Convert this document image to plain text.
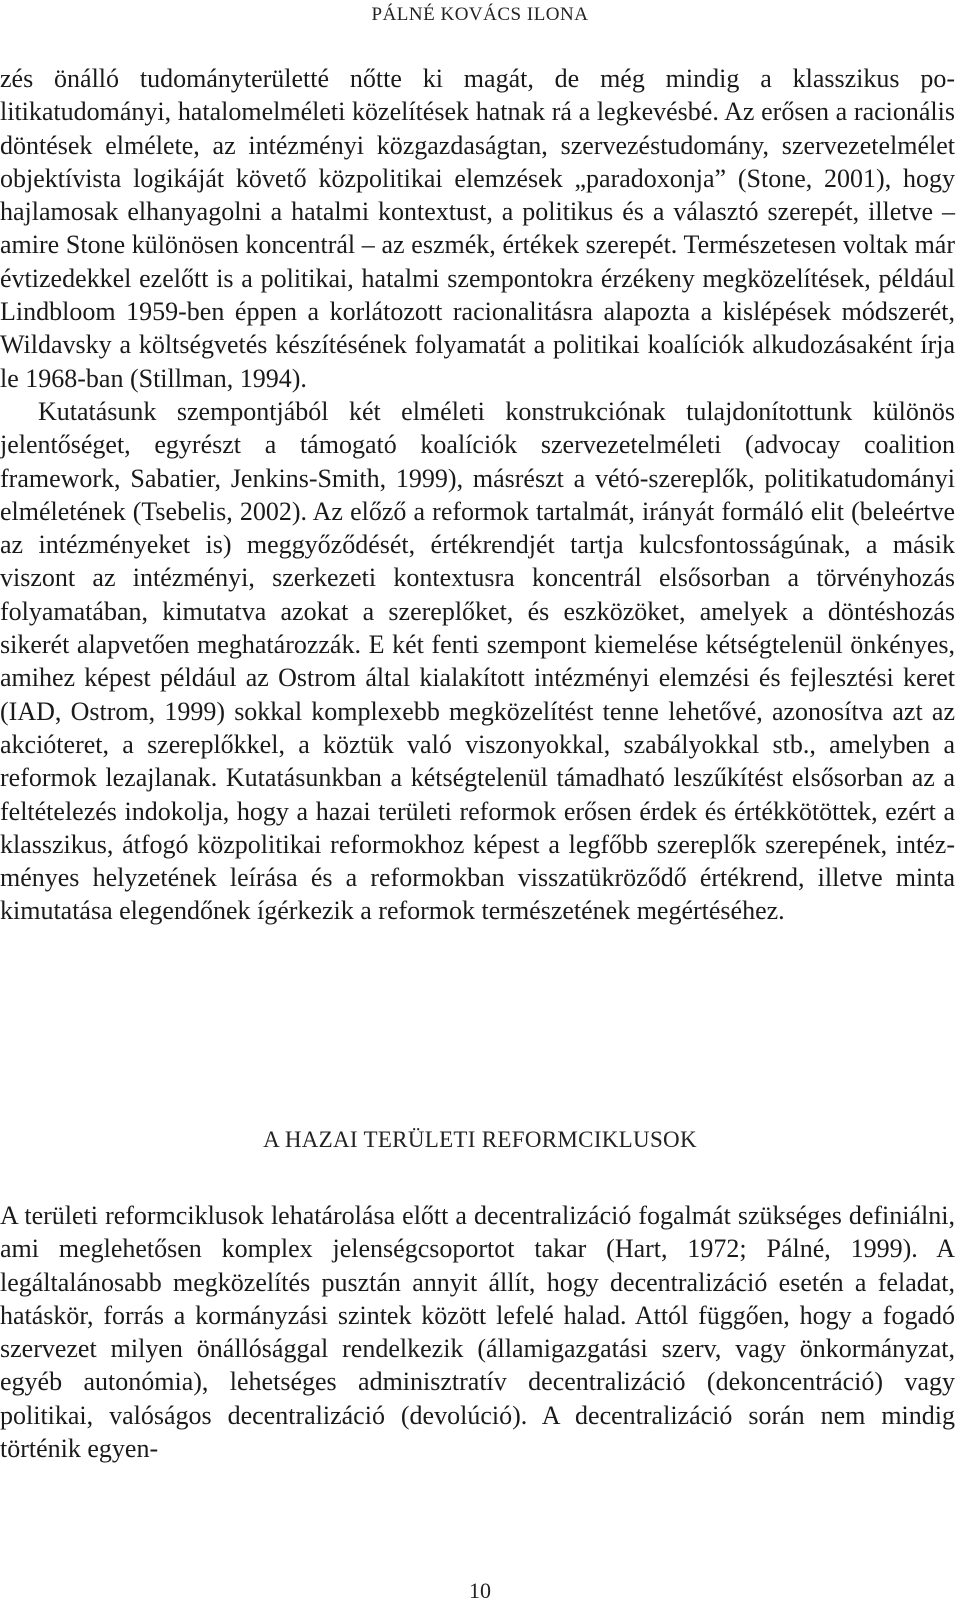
PÁLNÉ KOVÁCS ILONA

zés önálló tudományterületté nőtte ki magát, de még mindig a klasszikus politikatudományi, hatalomelméleti közelítések hatnak rá a legkevésbé. Az erősen a racionális döntések elmélete, az intézményi közgazdaságtan, szervezéstudomány, szervezetelmélet objektívista logikáját követő közpolitikai elemzések „paradoxonja” (Stone, 2001), hogy hajlamosak elhanyagolni a hatalmi kontextust, a politikus és a választó szerepét, illetve – amire Stone különösen koncentrál – az eszmék, értékek szerepét. Természetesen voltak már évtizedekkel ezelőtt is a politikai, hatalmi szempontokra érzékeny megközelítések, például Lindbloom 1959-ben éppen a korlátozott racionalitásra alapozta a kislépések módszerét, Wildavsky a költségvetés készítésének folyamatát a politikai koalíciók alkudozásaként írja le 1968-ban (Stillman, 1994).

Kutatásunk szempontjából két elméleti konstrukciónak tulajdonítottunk különös jelentőséget, egyrészt a támogató koalíciók szervezetelméleti (advocay coalition framework, Sabatier, Jenkins-Smith, 1999), másrészt a vétó-szereplők, politikatudományi elméletének (Tsebelis, 2002). Az előző a reformok tartalmát, irányát formáló elit (beleértve az intézményeket is) meggyőződését, értékrendjét tartja kulcsfontosságúnak, a másik viszont az intézményi, szerkezeti kontextusra koncentrál elsősorban a törvényhozás folyamatában, kimutatva azokat a szereplőket, és eszközöket, amelyek a döntéshozás sikerét alapvetően meghatározzák. E két fenti szempont kiemelése kétségtelenül önkényes, amihez képest például az Ostrom által kialakított intézményi elemzési és fejlesztési keret (IAD, Ostrom, 1999) sokkal komplexebb megközelítést tenne lehetővé, azonosítva azt az akcióteret, a szereplőkkel, a köztük való viszonyokkal, szabályokkal stb., amelyben a reformok lezajlanak. Kutatásunkban a kétségtelenül támadható leszűkítést elsősorban az a feltételezés indokolja, hogy a hazai területi reformok erősen érdek és értékkötöttek, ezért a klasszikus, átfogó közpolitikai reformokhoz képest a legfőbb szereplők szerepének, intézményes helyzetének leírása és a reformokban visszatükröződő értékrend, illetve minta kimutatása elegendőnek ígérkezik a reformok természetének megértéséhez.

A HAZAI TERÜLETI REFORMCIKLUSOK

A területi reformciklusok lehatárolása előtt a decentralizáció fogalmát szükséges definiálni, ami meglehetősen komplex jelenségcsoportot takar (Hart, 1972; Pálné, 1999). A legáltalánosabb megközelítés pusztán annyit állít, hogy decentralizáció esetén a feladat, hatáskör, forrás a kormányzási szintek között lefelé halad. Attól függően, hogy a fogadó szervezet milyen önállósággal rendelkezik (államigazgatási szerv, vagy önkormányzat, egyéb autonómia), lehetséges adminisztratív decentralizáció (dekoncentráció) vagy politikai, valóságos decentralizáció (devolúció). A decentralizáció során nem mindig történik egyen-

10
